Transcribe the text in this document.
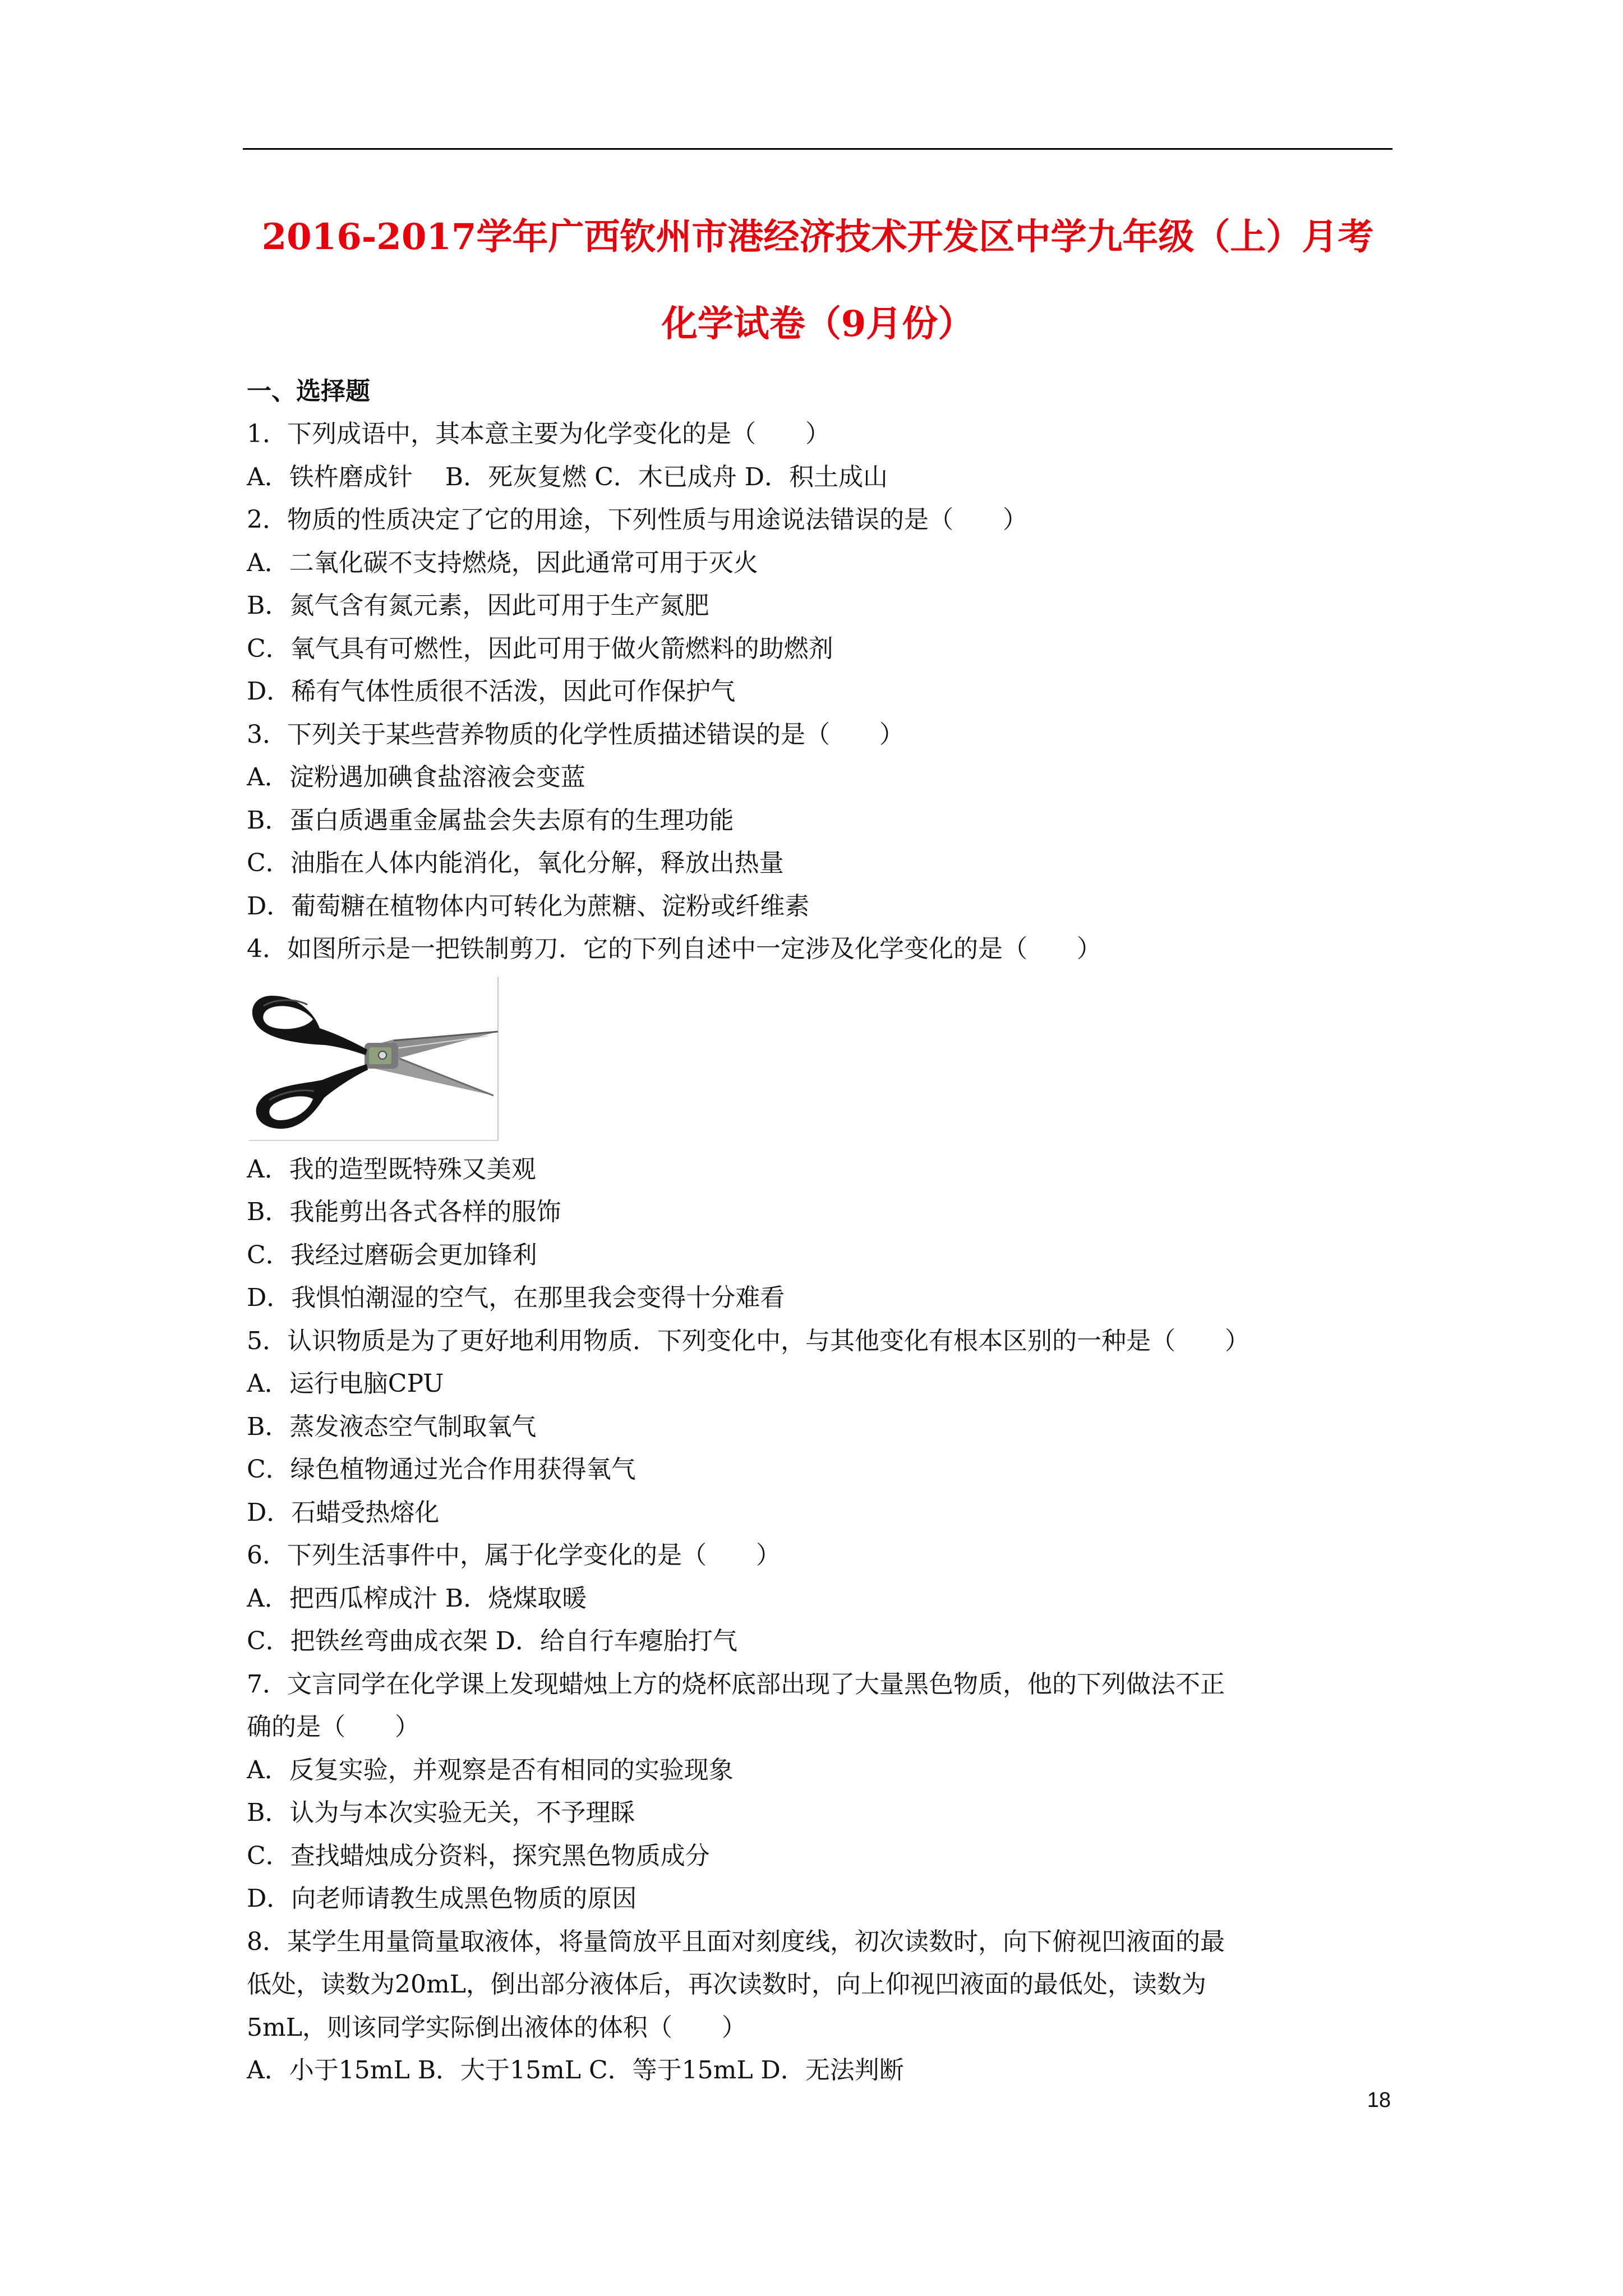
2016-2017学年广西钦州市港经济技术开发区中学九年级（上）月考
化学试卷（9月份）
一、选择题
1．下列成语中，其本意主要为化学变化的是（　　）
A．铁杵磨成针　 B．死灰复燃 C．木已成舟 D．积土成山
2．物质的性质决定了它的用途，下列性质与用途说法错误的是（　　）
A．二氧化碳不支持燃烧，因此通常可用于灭火
B．氮气含有氮元素，因此可用于生产氮肥
C．氧气具有可燃性，因此可用于做火箭燃料的助燃剂
D．稀有气体性质很不活泼，因此可作保护气
3．下列关于某些营养物质的化学性质描述错误的是（　　）
A．淀粉遇加碘食盐溶液会变蓝
B．蛋白质遇重金属盐会失去原有的生理功能
C．油脂在人体内能消化，氧化分解，释放出热量
D．葡萄糖在植物体内可转化为蔗糖、淀粉或纤维素
4．如图所示是一把铁制剪刀．它的下列自述中一定涉及化学变化的是（　　）
A．我的造型既特殊又美观
B．我能剪出各式各样的服饰
C．我经过磨砺会更加锋利
D．我惧怕潮湿的空气，在那里我会变得十分难看
5．认识物质是为了更好地利用物质．下列变化中，与其他变化有根本区别的一种是（　　）
A．运行电脑CPU
B．蒸发液态空气制取氧气
C．绿色植物通过光合作用获得氧气
D．石蜡受热熔化
6．下列生活事件中，属于化学变化的是（　　）
A．把西瓜榨成汁 B．烧煤取暖
C．把铁丝弯曲成衣架 D．给自行车瘪胎打气
7．文言同学在化学课上发现蜡烛上方的烧杯底部出现了大量黑色物质，他的下列做法不正
确的是（　　）
A．反复实验，并观察是否有相同的实验现象
B．认为与本次实验无关，不予理睬
C．查找蜡烛成分资料，探究黑色物质成分
D．向老师请教生成黑色物质的原因
8．某学生用量筒量取液体，将量筒放平且面对刻度线，初次读数时，向下俯视凹液面的最
低处，读数为20mL，倒出部分液体后，再次读数时，向上仰视凹液面的最低处，读数为
5mL，则该同学实际倒出液体的体积（　　）
A．小于15mL B．大于15mL C．等于15mL D．无法判断
18
